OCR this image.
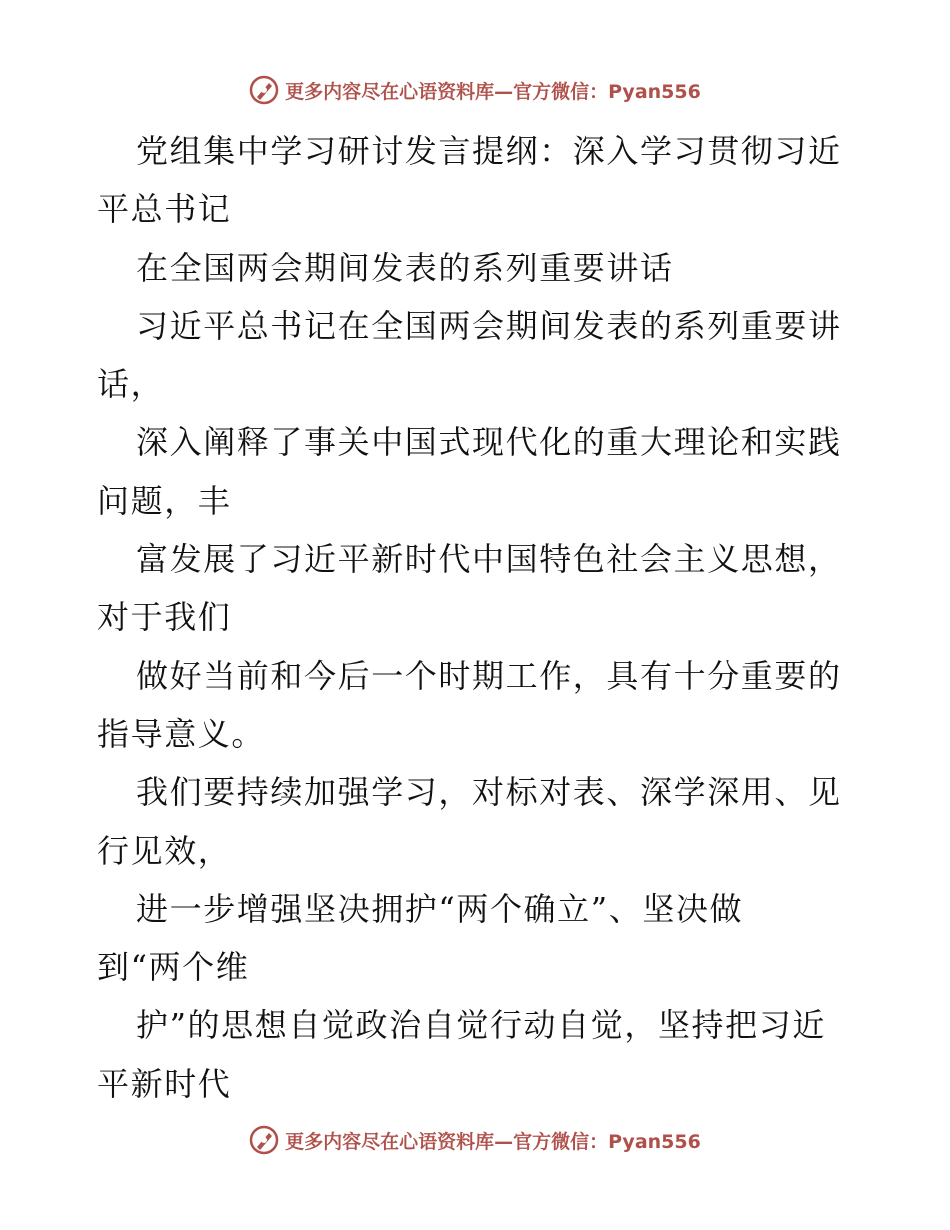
更多内容尽在心语资料库—官方微信：Pyan556
党组集中学习研讨发言提纲：深入学习贯彻习近
平总书记
在全国两会期间发表的系列重要讲话
习近平总书记在全国两会期间发表的系列重要讲
话，
深入阐释了事关中国式现代化的重大理论和实践
问题，丰
富发展了习近平新时代中国特色社会主义思想，
对于我们
做好当前和今后一个时期工作，具有十分重要的
指导意义。
我们要持续加强学习，对标对表、深学深用、见
行见效，
进一步增强坚决拥护“两个确立”、坚决做
到“两个维
护”的思想自觉政治自觉行动自觉，坚持把习近
平新时代
更多内容尽在心语资料库—官方微信：Pyan556
